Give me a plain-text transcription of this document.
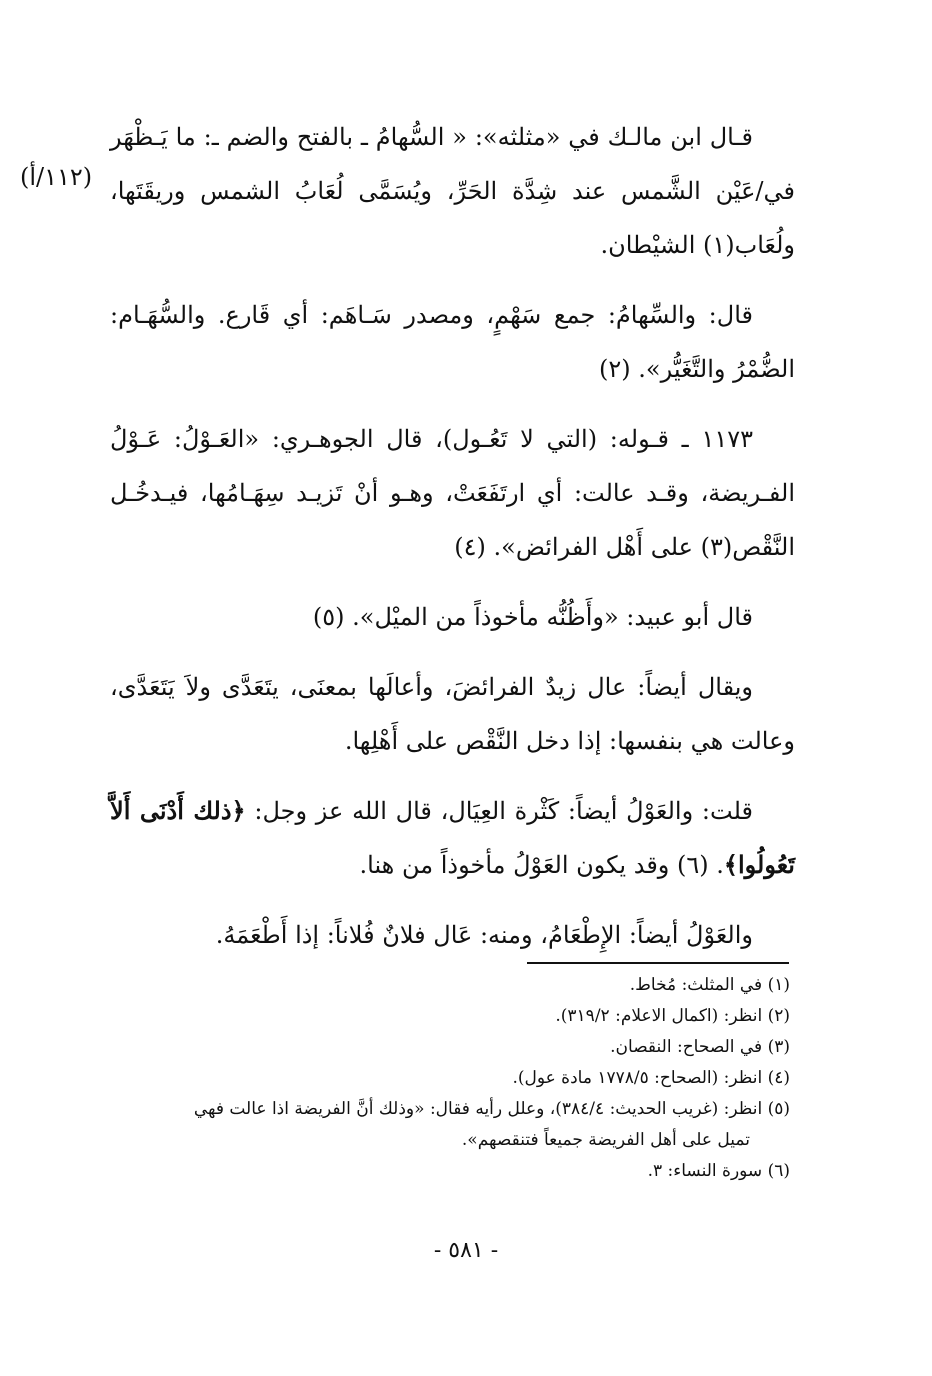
(١١٢/أ)

قـال ابن مالـك في «مثلثه»: « السُّهامُ ـ بالفتح والضم ـ: ما يَـظْهَر في/عَيْن الشَّمس عند شِدَّة الحَرِّ، ويُسَمَّى لُعَابُ الشمس وريقَتَها، ولُعَاب(١) الشيْطان.

قال: والسِّهامُ: جمع سَهْمٍ، ومصدر سَـاهَم: أي قَارع. والسُّهَـام: الضُّمْرُ والتَّغَيُّر». (٢)

١١٧٣ ـ قـوله: (التي لا تَعُـول)، قال الجوهـري: «العَـوْلُ: عَـوْلُ الفـريضة، وقـد عالت: أي ارتَفَعَتْ، وهـو أنْ تَزيـد سِهَـامُها، فيـدخُـل النَّقْص(٣) على أَهْل الفرائض». (٤)

قال أبو عبيد: «وأَظُنُّه مأخوذاً من الميْل». (٥)

ويقال أيضاً: عال زيدٌ الفرائضَ، وأعالَها بمعنَى، يتَعَدَّى ولاَ يَتَعَدَّى، وعالت هي بنفسها: إذا دخل النَّقْص على أَهْلِها.

قلت: والعَوْلُ أيضاً: كَثْرة العِيَال، قال الله عز وجل: ﴿ذلك أَدْنَى أَلاَّ تَعُولُوا﴾. (٦) وقد يكون العَوْلُ مأخوذاً من هنا.

والعَوْلُ أيضاً: الإِطْعَامُ، ومنه: عَال فلانٌ فُلاناً: إذا أَطْعَمَهُ.

(١) في المثلث: مُخاط.

(٢) انظر: (اكمال الاعلام: ٣١٩/٢).

(٣) في الصحاح: النقصان.

(٤) انظر: (الصحاح: ١٧٧٨/٥ مادة عول).

(٥) انظر: (غريب الحديث: ٣٨٤/٤)، وعلل رأيه فقال: «وذلك أنَّ الفريضة اذا عالت فهي

تميل على أهل الفريضة جميعاً فتنقصهم».

(٦) سورة النساء: ٣.

- ٥٨١ -
